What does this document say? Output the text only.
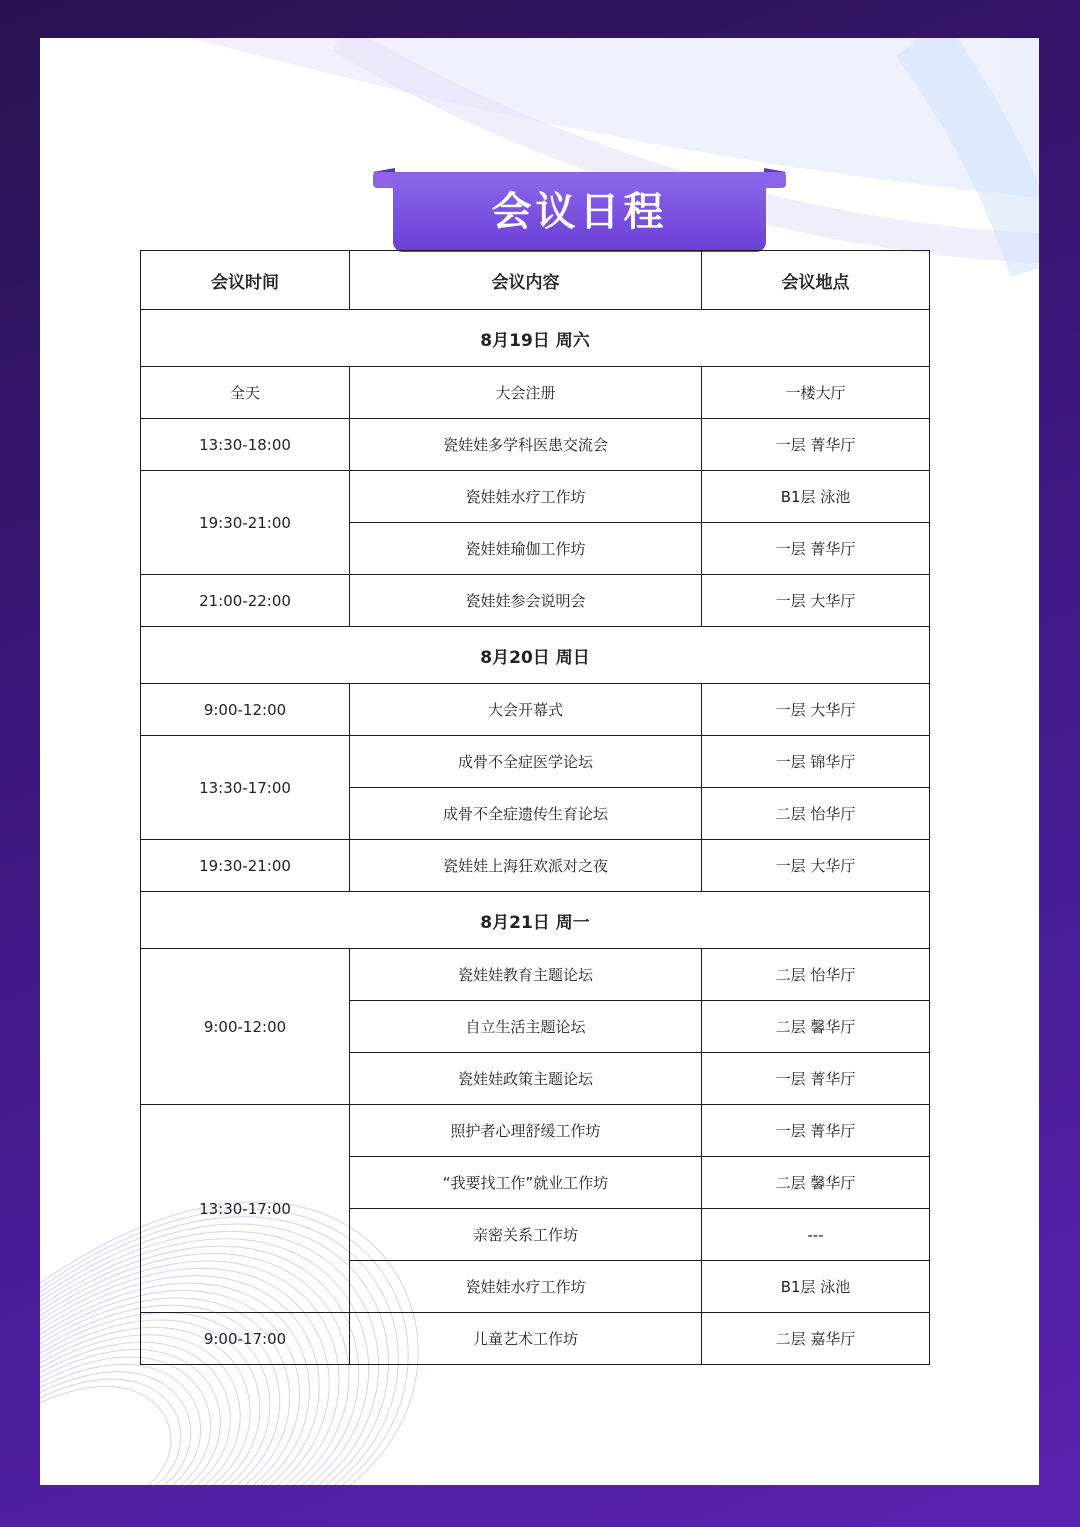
会议日程
会议时间	会议内容	会议地点
8月19日 周六		
全天	大会注册	一楼大厅
13:30-18:00	瓷娃娃多学科医患交流会	一层 菁华厅
19:30-21:00	瓷娃娃水疗工作坊	B1层 泳池
	瓷娃娃瑜伽工作坊	一层 菁华厅
21:00-22:00	瓷娃娃参会说明会	一层 大华厅
8月20日 周日		
9:00-12:00	大会开幕式	一层 大华厅
13:30-17:00	成骨不全症医学论坛	一层 锦华厅
	成骨不全症遗传生育论坛	二层 怡华厅
19:30-21:00	瓷娃娃上海狂欢派对之夜	一层 大华厅
8月21日 周一		
9:00-12:00	瓷娃娃教育主题论坛	二层 怡华厅
	自立生活主题论坛	二层 馨华厅
	瓷娃娃政策主题论坛	一层 菁华厅
13:30-17:00	照护者心理舒缓工作坊	一层 菁华厅
	“我要找工作”就业工作坊	二层 馨华厅
	亲密关系工作坊	---
	瓷娃娃水疗工作坊	B1层 泳池
9:00-17:00	儿童艺术工作坊	二层 嘉华厅
